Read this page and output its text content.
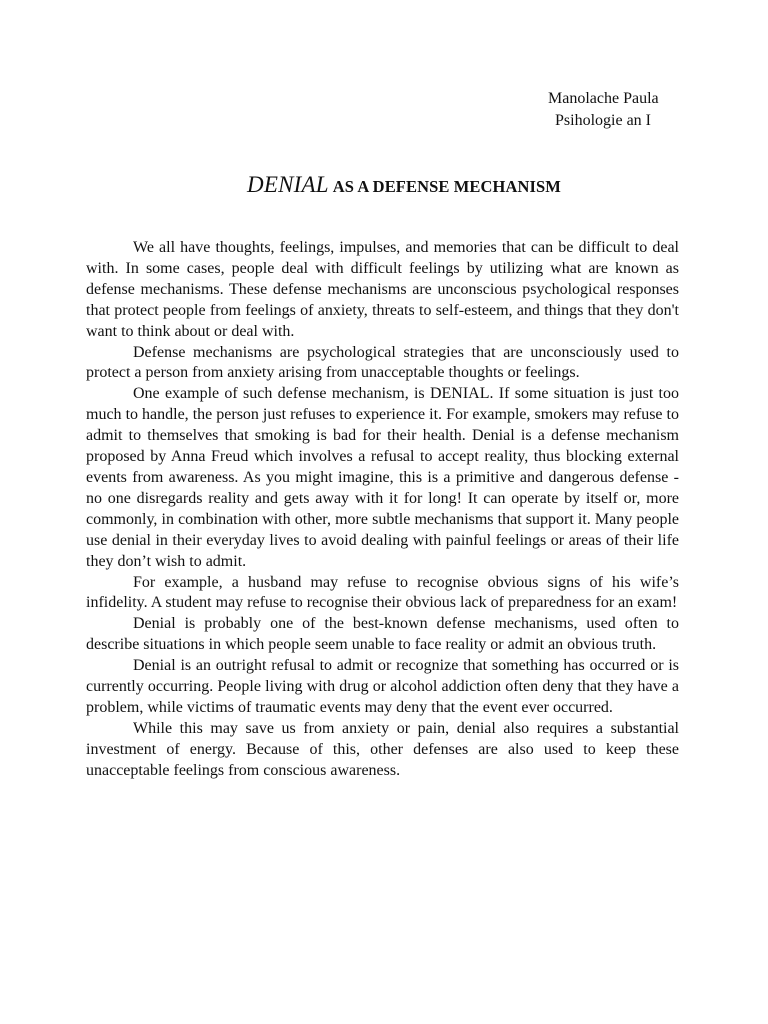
Manolache Paula
Psihologie an I
DENIAL AS A DEFENSE MECHANISM

We all have thoughts, feelings, impulses, and memories that can be difficult to deal with. In some cases, people deal with difficult feelings by utilizing what are known as defense mechanisms. These defense mechanisms are unconscious psychological responses that protect people from feelings of anxiety, threats to self-esteem, and things that they don't want to think about or deal with.

Defense mechanisms are psychological strategies that are unconsciously used to protect a person from anxiety arising from unacceptable thoughts or feelings.

One example of such defense mechanism, is DENIAL. If some situation is just too much to handle, the person just refuses to experience it. For example, smokers may refuse to admit to themselves that smoking is bad for their health. Denial is a defense mechanism proposed by Anna Freud which involves a refusal to accept reality, thus blocking external events from awareness. As you might imagine, this is a primitive and dangerous defense - no one disregards reality and gets away with it for long! It can operate by itself or, more commonly, in combination with other, more subtle mechanisms that support it. Many people use denial in their everyday lives to avoid dealing with painful feelings or areas of their life they don’t wish to admit.

For example, a husband may refuse to recognise obvious signs of his wife’s infidelity. A student may refuse to recognise their obvious lack of preparedness for an exam!

Denial is probably one of the best-known defense mechanisms, used often to describe situations in which people seem unable to face reality or admit an obvious truth.

Denial is an outright refusal to admit or recognize that something has occurred or is currently occurring. People living with drug or alcohol addiction often deny that they have a problem, while victims of traumatic events may deny that the event ever occurred.

While this may save us from anxiety or pain, denial also requires a substantial investment of energy. Because of this, other defenses are also used to keep these unacceptable feelings from conscious awareness.
